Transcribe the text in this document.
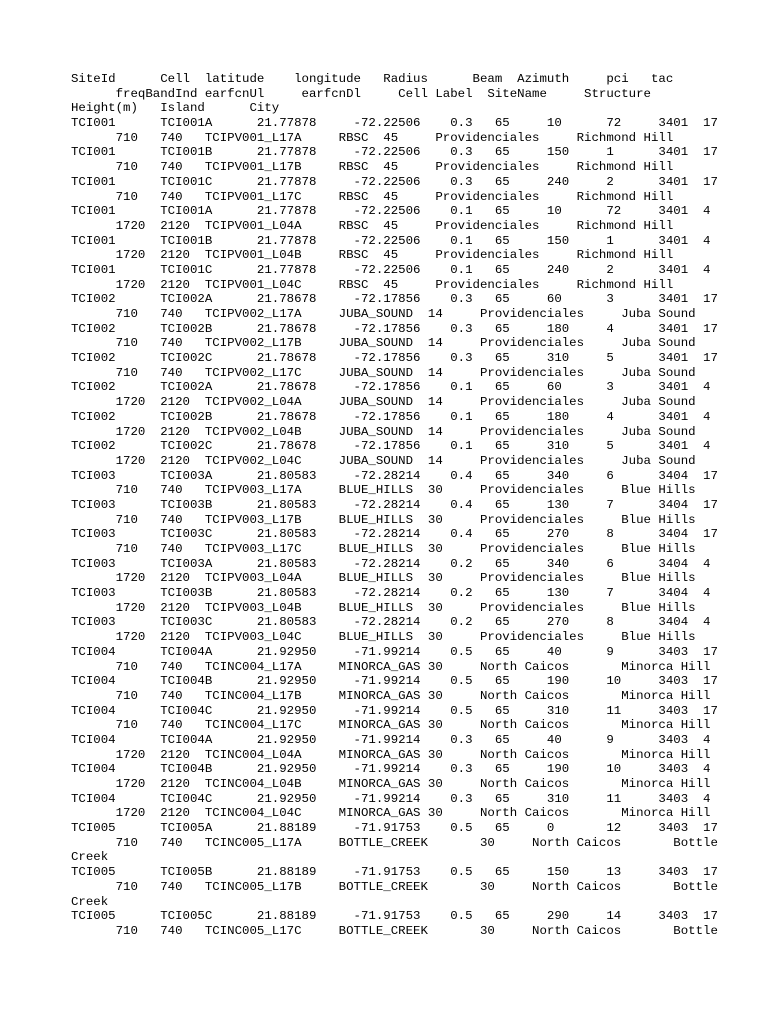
SiteId      Cell  latitude    longitude   Radius      Beam  Azimuth     pci   tac
freqBandInd earfcnUl     earfcnDl     Cell Label  SiteName     Structure
Height(m)   Island      City
TCI001      TCI001A      21.77878     -72.22506    0.3   65     10      72     3401  17
710   740   TCIPV001_L17A     RBSC  45     Providenciales     Richmond Hill
TCI001      TCI001B      21.77878     -72.22506    0.3   65     150     1      3401  17
710   740   TCIPV001_L17B     RBSC  45     Providenciales     Richmond Hill
TCI001      TCI001C      21.77878     -72.22506    0.3   65     240     2      3401  17
710   740   TCIPV001_L17C     RBSC  45     Providenciales     Richmond Hill
TCI001      TCI001A      21.77878     -72.22506    0.1   65     10      72     3401  4
1720  2120  TCIPV001_L04A     RBSC  45     Providenciales     Richmond Hill
TCI001      TCI001B      21.77878     -72.22506    0.1   65     150     1      3401  4
1720  2120  TCIPV001_L04B     RBSC  45     Providenciales     Richmond Hill
TCI001      TCI001C      21.77878     -72.22506    0.1   65     240     2      3401  4
1720  2120  TCIPV001_L04C     RBSC  45     Providenciales     Richmond Hill
TCI002      TCI002A      21.78678     -72.17856    0.3   65     60      3      3401  17
710   740   TCIPV002_L17A     JUBA_SOUND  14     Providenciales     Juba Sound
TCI002      TCI002B      21.78678     -72.17856    0.3   65     180     4      3401  17
710   740   TCIPV002_L17B     JUBA_SOUND  14     Providenciales     Juba Sound
TCI002      TCI002C      21.78678     -72.17856    0.3   65     310     5      3401  17
710   740   TCIPV002_L17C     JUBA_SOUND  14     Providenciales     Juba Sound
TCI002      TCI002A      21.78678     -72.17856    0.1   65     60      3      3401  4
1720  2120  TCIPV002_L04A     JUBA_SOUND  14     Providenciales     Juba Sound
TCI002      TCI002B      21.78678     -72.17856    0.1   65     180     4      3401  4
1720  2120  TCIPV002_L04B     JUBA_SOUND  14     Providenciales     Juba Sound
TCI002      TCI002C      21.78678     -72.17856    0.1   65     310     5      3401  4
1720  2120  TCIPV002_L04C     JUBA_SOUND  14     Providenciales     Juba Sound
TCI003      TCI003A      21.80583     -72.28214    0.4   65     340     6      3404  17
710   740   TCIPV003_L17A     BLUE_HILLS  30     Providenciales     Blue Hills
TCI003      TCI003B      21.80583     -72.28214    0.4   65     130     7      3404  17
710   740   TCIPV003_L17B     BLUE_HILLS  30     Providenciales     Blue Hills
TCI003      TCI003C      21.80583     -72.28214    0.4   65     270     8      3404  17
710   740   TCIPV003_L17C     BLUE_HILLS  30     Providenciales     Blue Hills
TCI003      TCI003A      21.80583     -72.28214    0.2   65     340     6      3404  4
1720  2120  TCIPV003_L04A     BLUE_HILLS  30     Providenciales     Blue Hills
TCI003      TCI003B      21.80583     -72.28214    0.2   65     130     7      3404  4
1720  2120  TCIPV003_L04B     BLUE_HILLS  30     Providenciales     Blue Hills
TCI003      TCI003C      21.80583     -72.28214    0.2   65     270     8      3404  4
1720  2120  TCIPV003_L04C     BLUE_HILLS  30     Providenciales     Blue Hills
TCI004      TCI004A      21.92950     -71.99214    0.5   65     40      9      3403  17
710   740   TCINC004_L17A     MINORCA_GAS 30     North Caicos       Minorca Hill
TCI004      TCI004B      21.92950     -71.99214    0.5   65     190     10     3403  17
710   740   TCINC004_L17B     MINORCA_GAS 30     North Caicos       Minorca Hill
TCI004      TCI004C      21.92950     -71.99214    0.5   65     310     11     3403  17
710   740   TCINC004_L17C     MINORCA_GAS 30     North Caicos       Minorca Hill
TCI004      TCI004A      21.92950     -71.99214    0.3   65     40      9      3403  4
1720  2120  TCINC004_L04A     MINORCA_GAS 30     North Caicos       Minorca Hill
TCI004      TCI004B      21.92950     -71.99214    0.3   65     190     10     3403  4
1720  2120  TCINC004_L04B     MINORCA_GAS 30     North Caicos       Minorca Hill
TCI004      TCI004C      21.92950     -71.99214    0.3   65     310     11     3403  4
1720  2120  TCINC004_L04C     MINORCA_GAS 30     North Caicos       Minorca Hill
TCI005      TCI005A      21.88189     -71.91753    0.5   65     0       12     3403  17
710   740   TCINC005_L17A     BOTTLE_CREEK       30     North Caicos       Bottle
Creek
TCI005      TCI005B      21.88189     -71.91753    0.5   65     150     13     3403  17
710   740   TCINC005_L17B     BOTTLE_CREEK       30     North Caicos       Bottle
Creek
TCI005      TCI005C      21.88189     -71.91753    0.5   65     290     14     3403  17
710   740   TCINC005_L17C     BOTTLE_CREEK       30     North Caicos       Bottle
